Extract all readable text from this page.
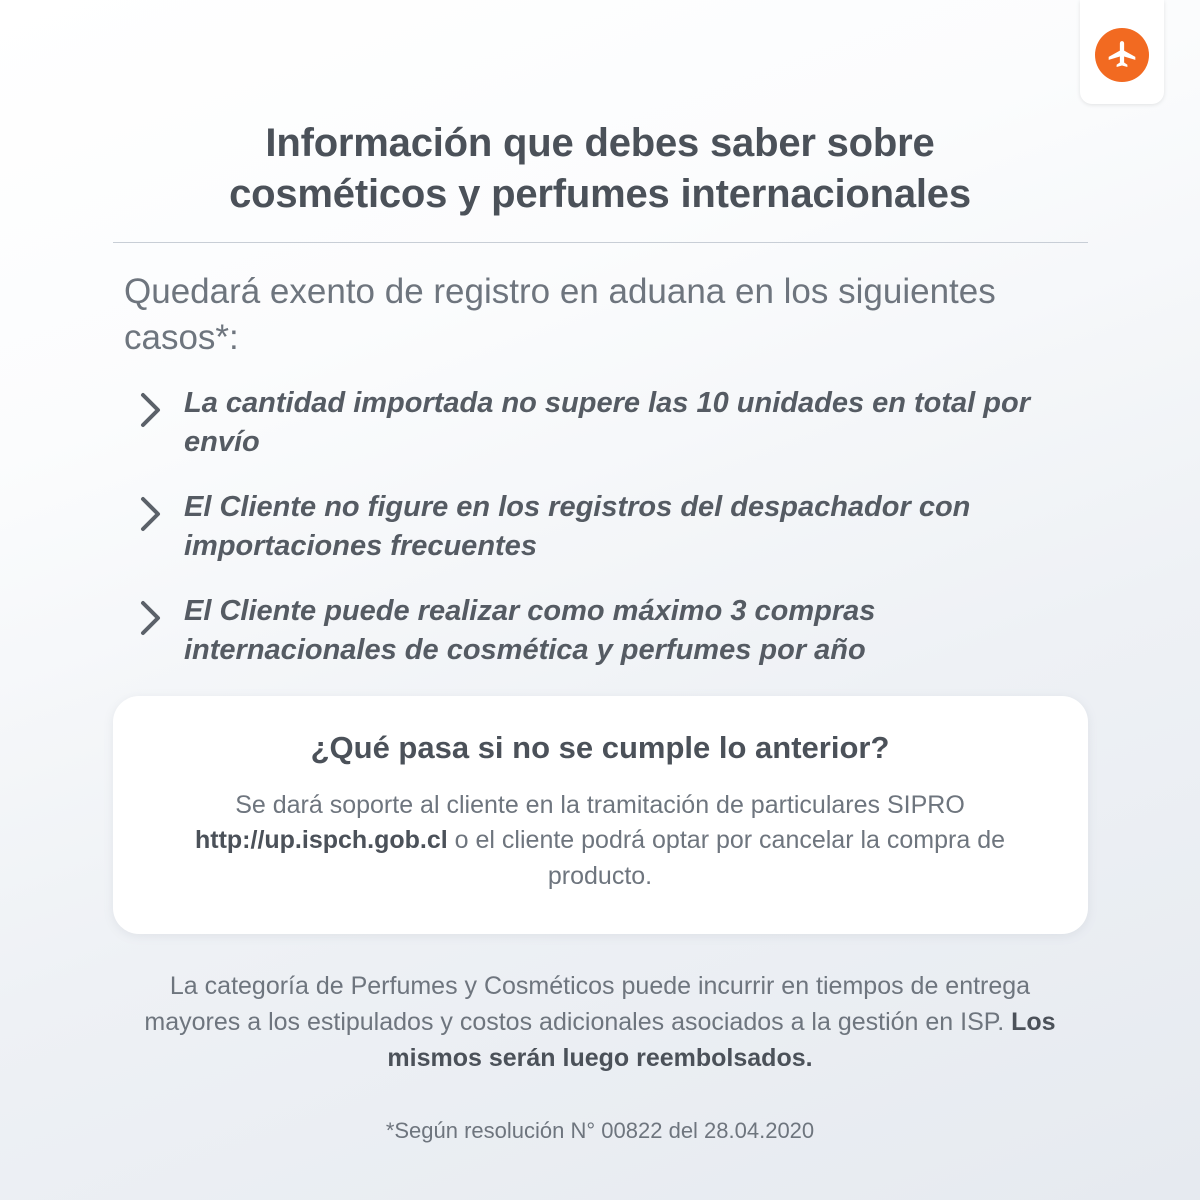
Información que debes saber sobre
cosméticos y perfumes internacionales

Quedará exento de registro en aduana en los siguientes casos*:

La cantidad importada no supere las 10 unidades en total por envío
El Cliente no figure en los registros del despachador con importaciones frecuentes
El Cliente puede realizar como máximo 3 compras internacionales de cosmética y perfumes por año
¿Qué pasa si no se cumple lo anterior?
Se dará soporte al cliente en la tramitación de particulares SIPRO http://up.ispch.gob.cl o el cliente podrá optar por cancelar la compra de producto.
La categoría de Perfumes y Cosméticos puede incurrir en tiempos de entrega mayores a los estipulados y costos adicionales asociados a la gestión en ISP. Los mismos serán luego reembolsados.
*Según resolución N° 00822 del 28.04.2020
